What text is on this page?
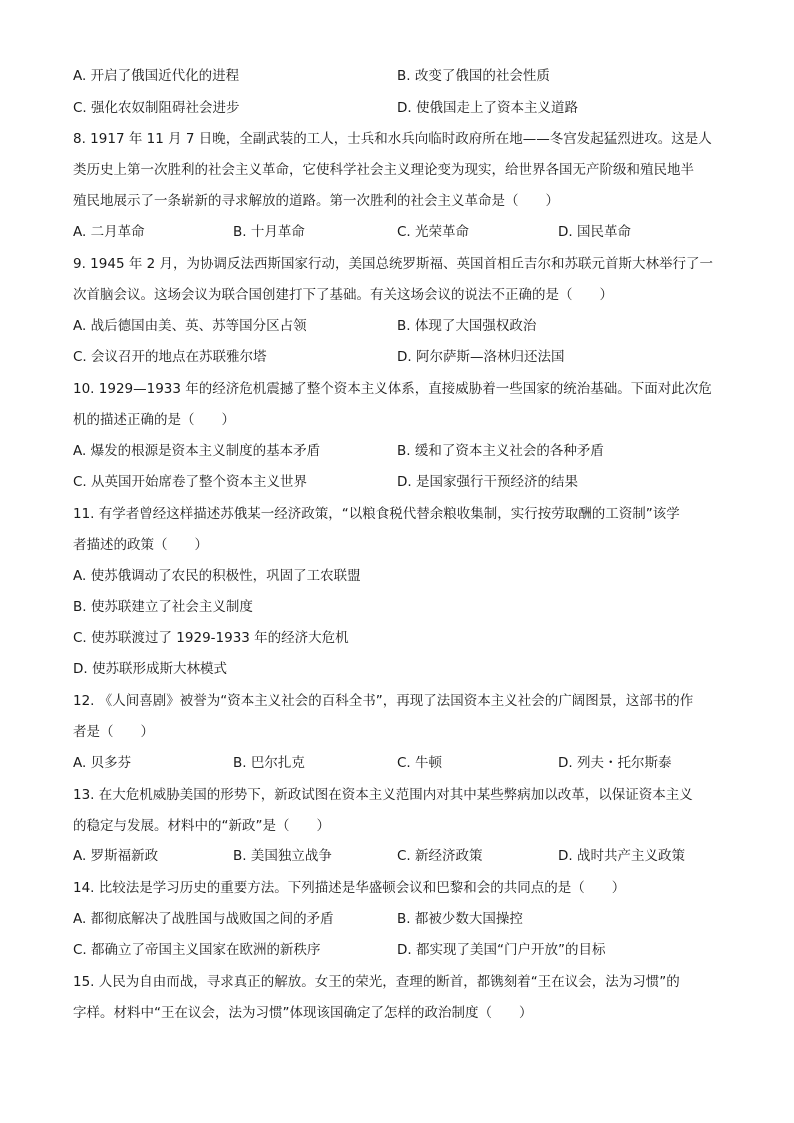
A. 开启了俄国近代化的进程	B. 改变了俄国的社会性质
C. 强化农奴制阻碍社会进步	D. 使俄国走上了资本主义道路
8. 1917 年 11 月 7 日晚，全副武装的工人，士兵和水兵向临时政府所在地——冬宫发起猛烈进攻。这是人
类历史上第一次胜利的社会主义革命，它使科学社会主义理论变为现实，给世界各国无产阶级和殖民地半
殖民地展示了一条崭新的寻求解放的道路。第一次胜利的社会主义革命是（　　）
A. 二月革命	B. 十月革命	C. 光荣革命	D. 国民革命
9. 1945 年 2 月，为协调反法西斯国家行动，美国总统罗斯福、英国首相丘吉尔和苏联元首斯大林举行了一
次首脑会议。这场会议为联合国创建打下了基础。有关这场会议的说法不正确的是（　　）
A. 战后德国由美、英、苏等国分区占领	B. 体现了大国强权政治
C. 会议召开的地点在苏联雅尔塔	D. 阿尔萨斯—洛林归还法国
10. 1929—1933 年的经济危机震撼了整个资本主义体系，直接威胁着一些国家的统治基础。下面对此次危
机的描述正确的是（　　）
A. 爆发的根源是资本主义制度的基本矛盾	B. 缓和了资本主义社会的各种矛盾
C. 从英国开始席卷了整个资本主义世界	D. 是国家强行干预经济的结果
11. 有学者曾经这样描述苏俄某一经济政策，“以粮食税代替余粮收集制，实行按劳取酬的工资制”该学
者描述的政策（　　）
A. 使苏俄调动了农民的积极性，巩固了工农联盟
B. 使苏联建立了社会主义制度
C. 使苏联渡过了 1929-1933 年的经济大危机
D. 使苏联形成斯大林模式
12. 《人间喜剧》被誉为“资本主义社会的百科全书”，再现了法国资本主义社会的广阔图景，这部书的作
者是（　　）
A. 贝多芬	B. 巴尔扎克	C. 牛顿	D. 列夫・托尔斯泰
13. 在大危机威胁美国的形势下，新政试图在资本主义范围内对其中某些弊病加以改革，以保证资本主义
的稳定与发展。材料中的“新政”是（　　）
A. 罗斯福新政	B. 美国独立战争	C. 新经济政策	D. 战时共产主义政策
14. 比较法是学习历史的重要方法。下列描述是华盛顿会议和巴黎和会的共同点的是（　　）
A. 都彻底解决了战胜国与战败国之间的矛盾	B. 都被少数大国操控
C. 都确立了帝国主义国家在欧洲的新秩序	D. 都实现了美国“门户开放”的目标
15. 人民为自由而战，寻求真正的解放。女王的荣光，查理的断首，都镌刻着“王在议会，法为习惯”的
字样。材料中“王在议会，法为习惯”体现该国确定了怎样的政治制度（　　）
